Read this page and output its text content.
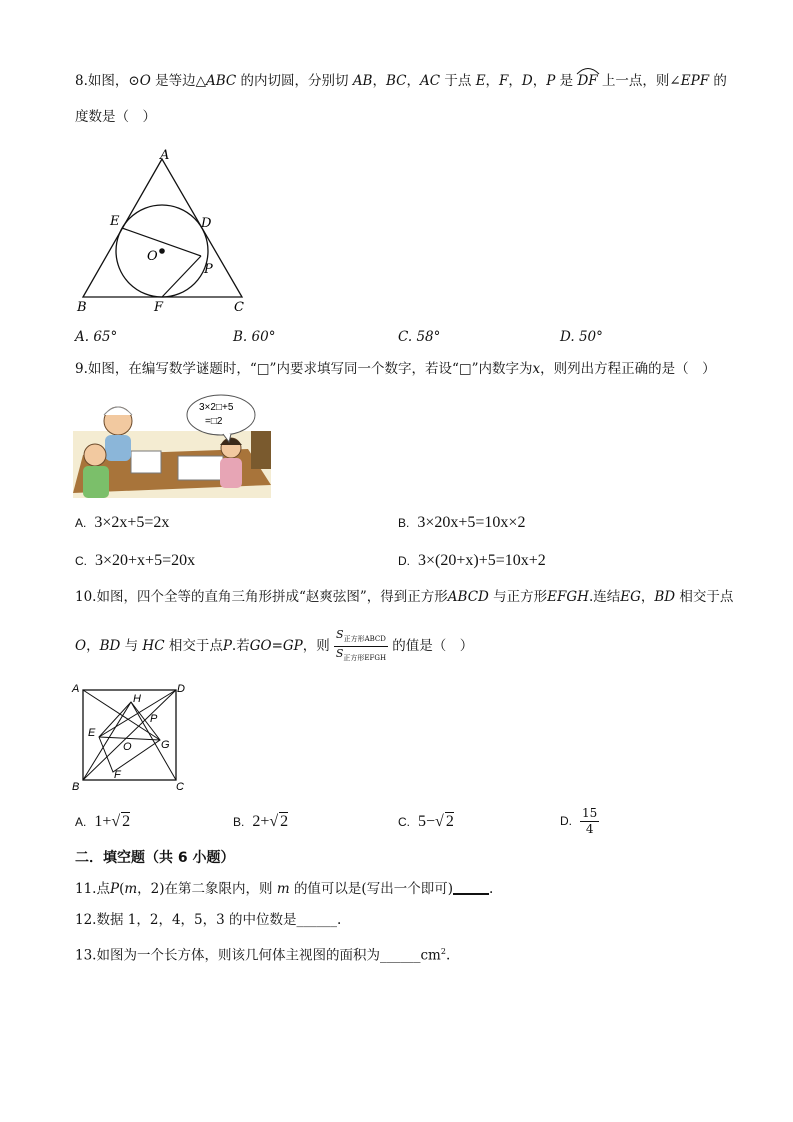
8.如图，⊙O 是等边△ABC 的内切圆，分别切 AB，BC，AC 于点 E，F，D，P 是 DF 上一点，则∠EPF 的
度数是（　）
A
B	C
D
E
F
O
P
A. 65°	B. 60°	C. 58°	D. 50°
9.如图，在编写数学谜题时，“□”内要求填写同一个数字，若设“□”内数字为x，则列出方程正确的是（　）
3×2□+5
=□2
A. 3×2x+5=2x	B. 3×20x+5=10x×2
C. 3×20+x+5=20x	D. 3×(20+x)+5=10x+2
10.如图，四个全等的直角三角形拼成“赵爽弦图”，得到正方形ABCD 与正方形EFGH.连结EG，BD 相交于点
O，BD 与 HC 相交于点P.若GO=GP，则 $\frac{S_{正方形ABCD}}{S_{正方形EFGH}}$ 的值是（　）
A
B	C
D
E
F
G
H
O
P
A. 1+√ 2	B. 2+√ 2	C. 5−√ 2	D. $\frac{15}{4}$
二．填空题（共 6 小题）
11.点P(m，2)在第二象限内，则 m 的值可以是(写出一个即可)	.
12.数据 1，2，4，5，3 的中位数是______.
13.如图为一个长方体，则该几何体主视图的面积为$\_\_\_\_\_\_cm^2$.
